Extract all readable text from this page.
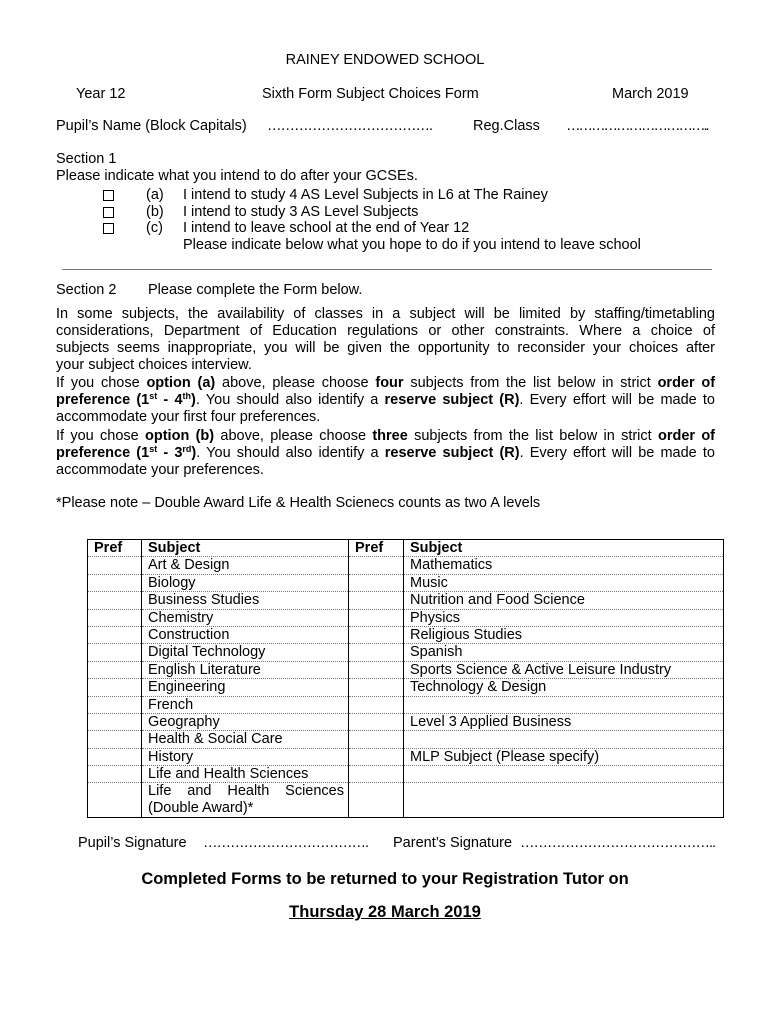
RAINEY ENDOWED SCHOOL
Year 12	Sixth Form Subject Choices Form	March 2019
Pupil’s Name (Block Capitals) ……………………………….	Reg.Class ……………………………..
Section 1
Please indicate what you intend to do after your GCSEs.
(a) I intend to study 4 AS Level Subjects in L6 at The Rainey
(b) I intend to study 3 AS Level Subjects
(c) I intend to leave school at the end of Year 12
Please indicate below what you hope to do if you intend to leave school
Section 2 Please complete the Form below.
In some subjects, the availability of classes in a subject will be limited by staffing/timetabling
considerations, Department of Education regulations or other constraints. Where a choice of
subjects seems inappropriate, you will be given the opportunity to reconsider your choices after
your subject choices interview.
If you chose option (a) above, please choose four subjects from the list below in strict order of
preference (1st - 4th). You should also identify a reserve subject (R). Every effort will be made to
accommodate your first four preferences.
If you chose option (b) above, please choose three subjects from the list below in strict order of
preference (1st - 3rd). You should also identify a reserve subject (R). Every effort will be made to
accommodate your preferences.
*Please note – Double Award Life & Health Scienecs counts as two A levels
Pref	Subject	Pref	Subject
	Art & Design		Mathematics
	Biology		Music
	Business Studies		Nutrition and Food Science
	Chemistry		Physics
	Construction		Religious Studies
	Digital Technology		Spanish
	English Literature		Sports Science & Active Leisure Industry
	Engineering		Technology & Design
	French		
	Geography		Level 3 Applied Business
	Health & Social Care		
	History		MLP Subject (Please specify)
	Life and Health Sciences		

	Life and Health Sciences
(Double Award)*		
Pupil’s Signature ………………………………. Parent’s Signature ……………………………………..
Completed Forms to be returned to your Registration Tutor on
Thursday 28 March 2019
